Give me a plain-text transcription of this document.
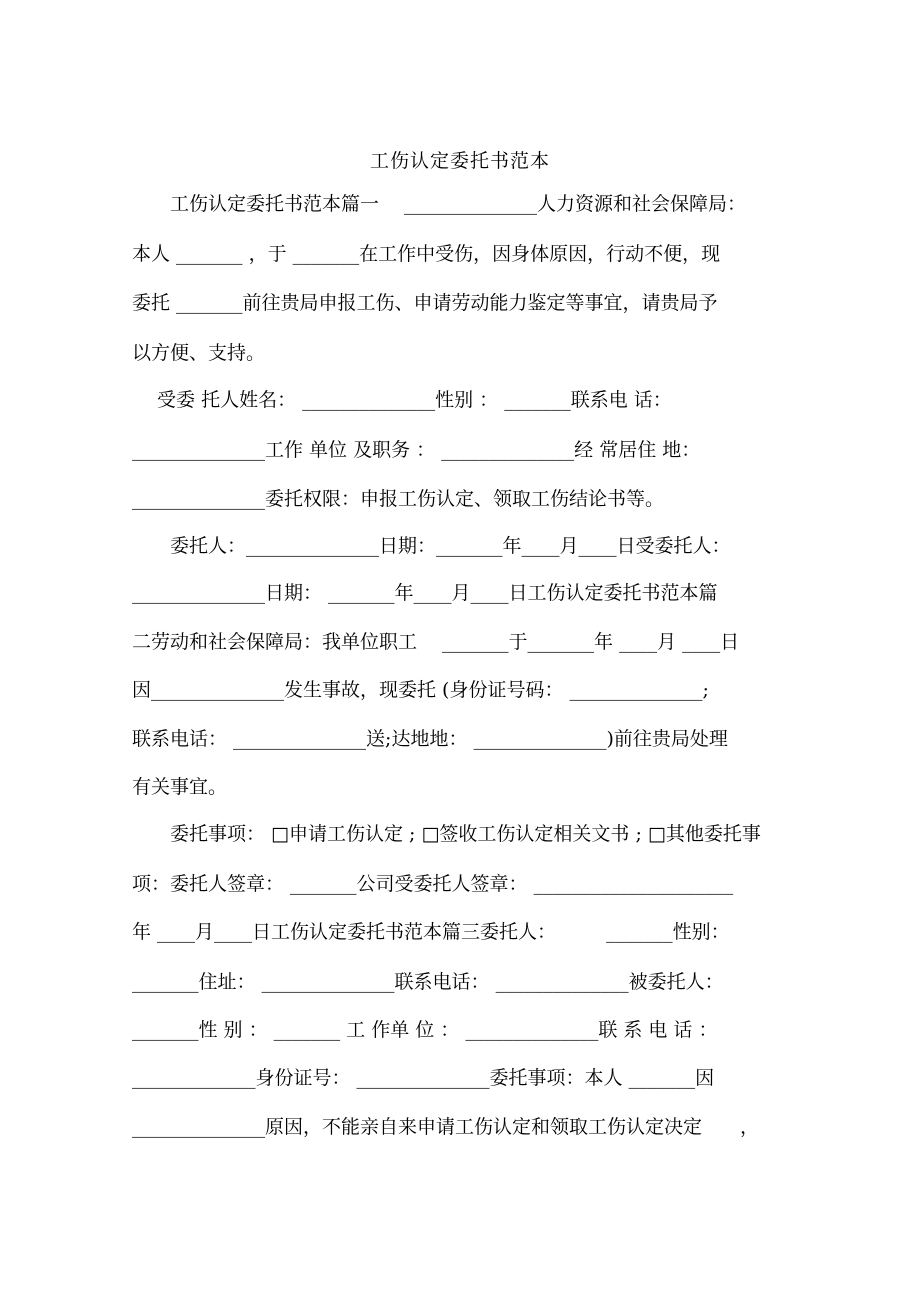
工伤认定委托书范本
　　工伤认定委托书范本篇一　 ______________人力资源和社会保障局：
本人 _______ ，于 _______在工作中受伤，因身体原因，行动不便，现
委托 _______前往贵局申报工伤、申请劳动能力鉴定等事宜，请贵局予
以方便、支持。
　 受委 托人姓名： ______________性别 ： _______联系电 话：
______________工作 单位 及职务 ： ______________经 常居住 地：
______________委托权限：申报工伤认定、领取工伤结论书等。
　　委托人：______________日期：_______年____月____日受委托人：
______________日期： _______年____月____日工伤认定委托书范本篇
二劳动和社会保障局：我单位职工 　_______于_______年 ____月 ____日
因______________发生事故，现委托 (身份证号码： ______________;
联系电话： ______________送;达地地： ______________)前往贵局处理
有关事宜。
　　委托事项： □申请工伤认定 ; □签收工伤认定相关文书 ; □其他委托事
项：委托人签章： _______公司受委托人签章： _____________________
年 ____月____日工伤认定委托书范本篇三委托人： 　　 _______性别：
_______住址： ______________联系电话： ______________被委托人：
_______性 别 ： _______ 工 作单 位 ： ______________联 系 电 话 ：
_____________身份证号： ______________委托事项：本人 _______因
______________原因，不能亲自来申请工伤认定和领取工伤认定决定　　，
